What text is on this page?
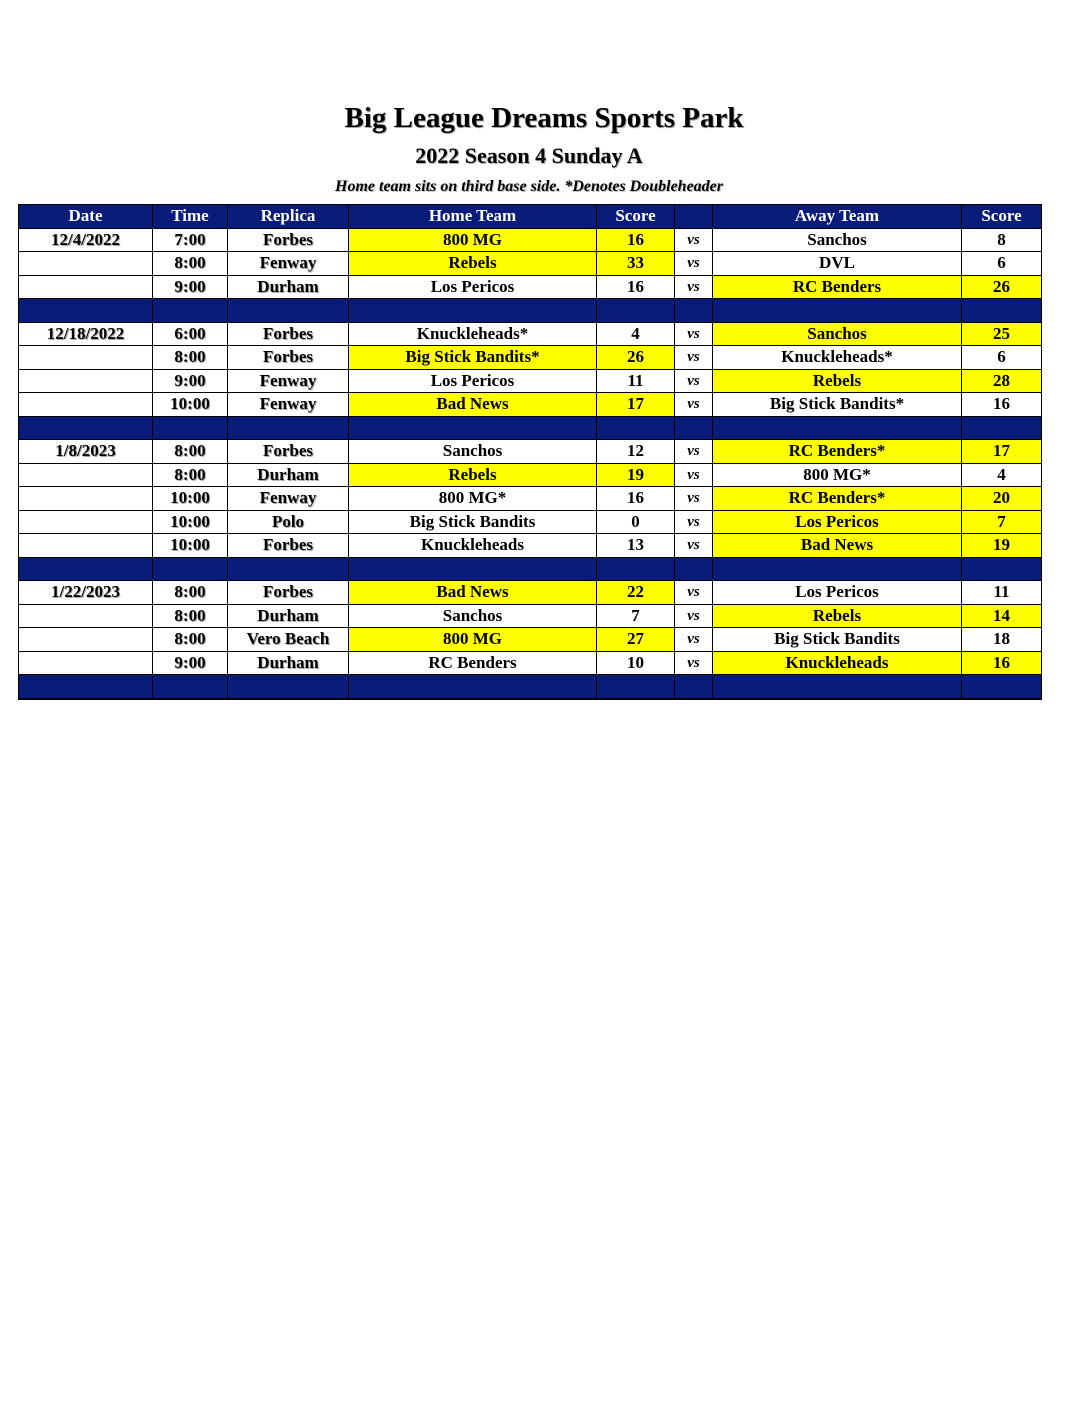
Big League Dreams Sports Park
2022 Season 4 Sunday A
Home team sits on third base side. *Denotes Doubleheader
Date	Time	Replica	Home Team	Score		Away Team	Score
12/4/2022	7:00	Forbes	800 MG	16	vs	Sanchos	8
	8:00	Fenway	Rebels	33	vs	DVL	6
	9:00	Durham	Los Pericos	16	vs	RC Benders	26

12/18/2022	6:00	Forbes	Knuckleheads*	4	vs	Sanchos	25
	8:00	Forbes	Big Stick Bandits*	26	vs	Knuckleheads*	6
	9:00	Fenway	Los Pericos	11	vs	Rebels	28
	10:00	Fenway	Bad News	17	vs	Big Stick Bandits*	16

1/8/2023	8:00	Forbes	Sanchos	12	vs	RC Benders*	17
	8:00	Durham	Rebels	19	vs	800 MG*	4
	10:00	Fenway	800 MG*	16	vs	RC Benders*	20
	10:00	Polo	Big Stick Bandits	0	vs	Los Pericos	7
	10:00	Forbes	Knuckleheads	13	vs	Bad News	19

1/22/2023	8:00	Forbes	Bad News	22	vs	Los Pericos	11
	8:00	Durham	Sanchos	7	vs	Rebels	14
	8:00	Vero Beach	800 MG	27	vs	Big Stick Bandits	18
	9:00	Durham	RC Benders	10	vs	Knuckleheads	16
